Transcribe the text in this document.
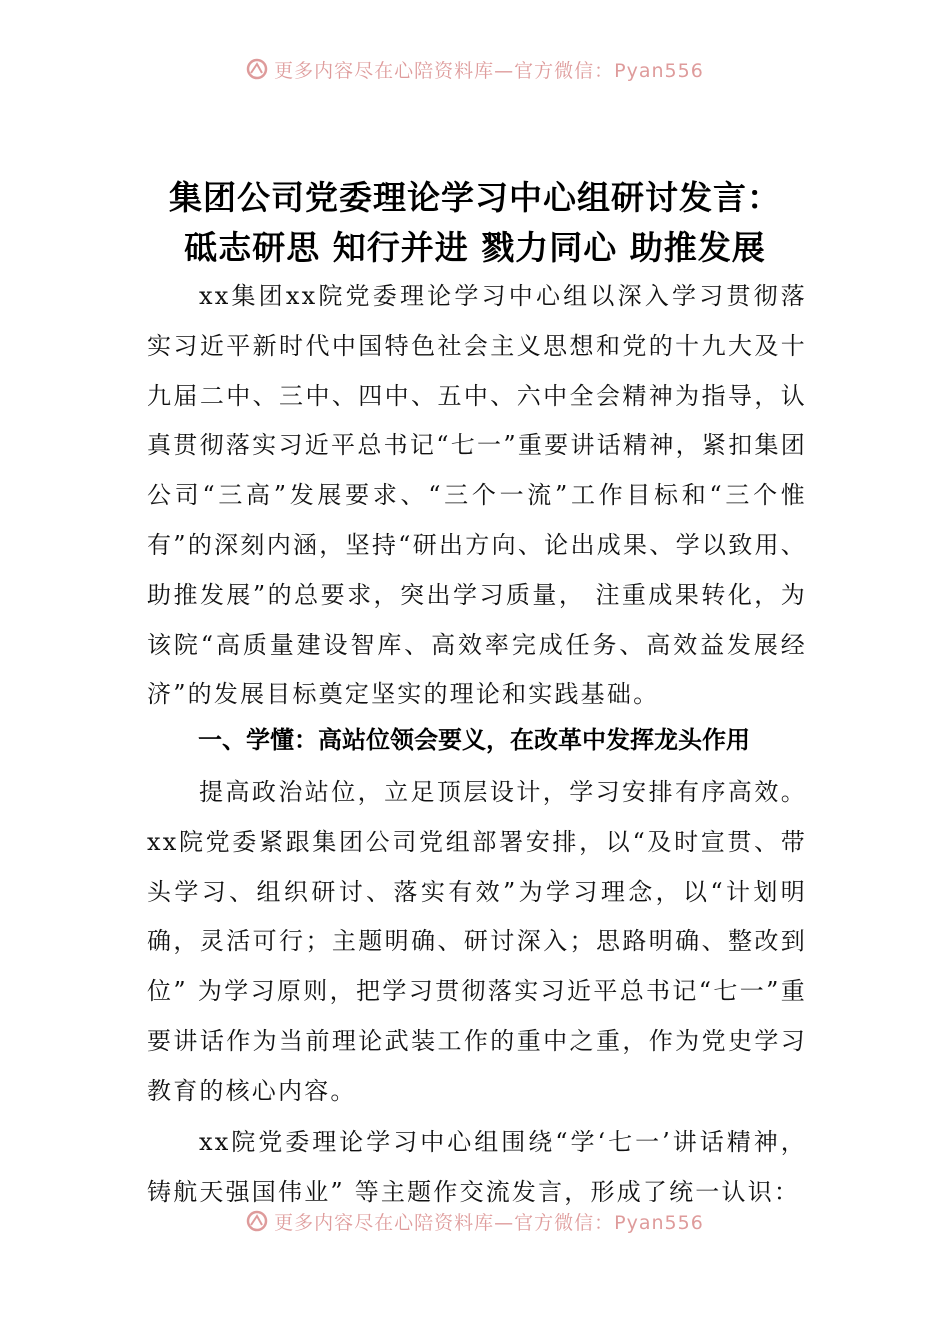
更多内容尽在心陪资料库—官方微信：Pyan556
集团公司党委理论学习中心组研讨发言：
砥志研思 知行并进 戮力同心 助推发展

xx集团xx院党委理论学习中心组以深入学习贯彻落实习近平新时代中国特色社会主义思想和党的十九大及十九届二中、三中、四中、五中、六中全会精神为指导，认真贯彻落实习近平总书记“七一”重要讲话精神，紧扣集团公司“三高”发展要求、“三个一流”工作目标和“三个惟有”的深刻内涵，坚持“研出方向、论出成果、学以致用、助推发展”的总要求，突出学习质量， 注重成果转化，为该院“高质量建设智库、高效率完成任务、高效益发展经济”的发展目标奠定坚实的理论和实践基础。

一、学懂：高站位领会要义，在改革中发挥龙头作用

提高政治站位，立足顶层设计，学习安排有序高效。xx院党委紧跟集团公司党组部署安排，以“及时宣贯、带头学习、组织研讨、落实有效”为学习理念，以“计划明确，灵活可行；主题明确、研讨深入；思路明确、整改到位” 为学习原则，把学习贯彻落实习近平总书记“七一”重要讲话作为当前理论武装工作的重中之重，作为党史学习教育的核心内容。

xx院党委理论学习中心组围绕“学‘七一’讲话精神，铸航天强国伟业” 等主题作交流发言，形成了统一认识：

更多内容尽在心陪资料库—官方微信：Pyan556
